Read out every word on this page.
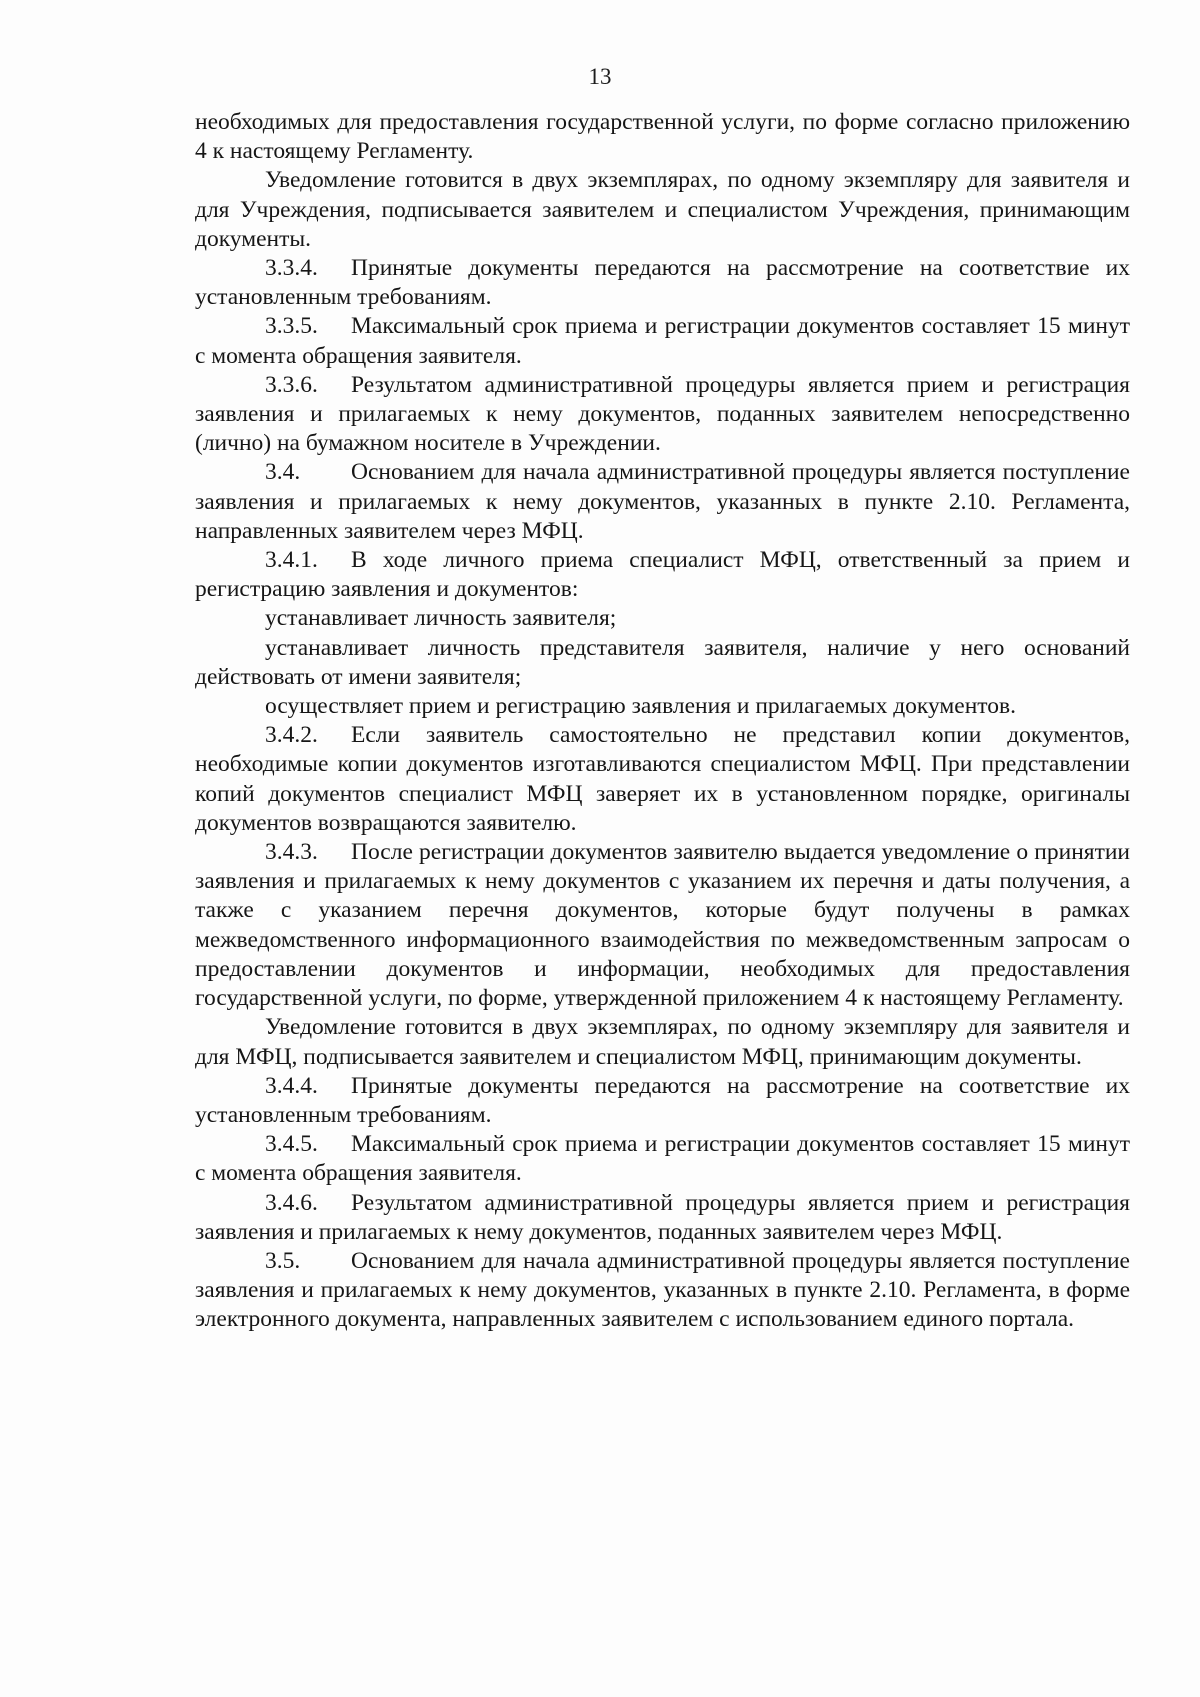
13

необходимых для предоставления государственной услуги, по форме согласно приложению 4 к настоящему Регламенту.

Уведомление готовится в двух экземплярах, по одному экземпляру для заявителя и для Учреждения, подписывается заявителем и специалистом Учреждения, принимающим документы.

3.3.4. Принятые документы передаются на рассмотрение на соответствие их установленным требованиям.

3.3.5. Максимальный срок приема и регистрации документов составляет 15 минут с момента обращения заявителя.

3.3.6. Результатом административной процедуры является прием и регистрация заявления и прилагаемых к нему документов, поданных заявителем непосредственно (лично) на бумажном носителе в Учреждении.

3.4. Основанием для начала административной процедуры является поступление заявления и прилагаемых к нему документов, указанных в пункте 2.10. Регламента, направленных заявителем через МФЦ.

3.4.1. В ходе личного приема специалист МФЦ, ответственный за прием и регистрацию заявления и документов:

устанавливает личность заявителя;

устанавливает личность представителя заявителя, наличие у него оснований действовать от имени заявителя;

осуществляет прием и регистрацию заявления и прилагаемых документов.

3.4.2. Если заявитель самостоятельно не представил копии документов, необходимые копии документов изготавливаются специалистом МФЦ. При представлении копий документов специалист МФЦ заверяет их в установленном порядке, оригиналы документов возвращаются заявителю.

3.4.3. После регистрации документов заявителю выдается уведомление о принятии заявления и прилагаемых к нему документов с указанием их перечня и даты получения, а также с указанием перечня документов, которые будут получены в рамках межведомственного информационного взаимодействия по межведомственным запросам о предоставлении документов и информации, необходимых для предоставления государственной услуги, по форме, утвержденной приложением 4 к настоящему Регламенту.

Уведомление готовится в двух экземплярах, по одному экземпляру для заявителя и для МФЦ, подписывается заявителем и специалистом МФЦ, принимающим документы.

3.4.4. Принятые документы передаются на рассмотрение на соответствие их установленным требованиям.

3.4.5. Максимальный срок приема и регистрации документов составляет 15 минут с момента обращения заявителя.

3.4.6. Результатом административной процедуры является прием и регистрация заявления и прилагаемых к нему документов, поданных заявителем через МФЦ.

3.5. Основанием для начала административной процедуры является поступление заявления и прилагаемых к нему документов, указанных в пункте 2.10. Регламента, в форме электронного документа, направленных заявителем с использованием единого портала.
